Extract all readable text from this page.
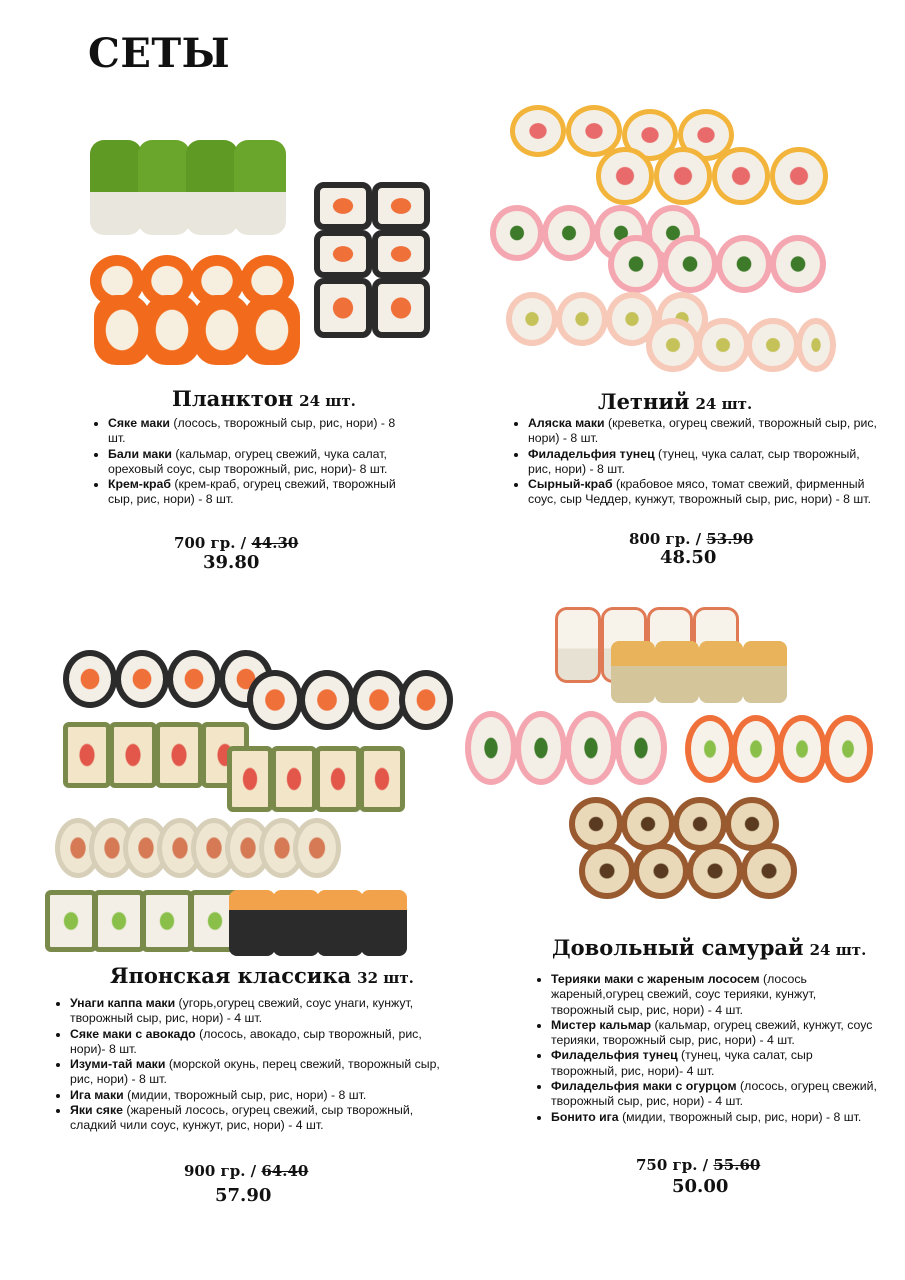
СЕТЫ
Планктон 24 шт.
• Сяке маки (лосось, творожный сыр, рис, нори) - 8 шт.
• Бали маки (кальмар, огурец свежий, чука салат, ореховый соус, сыр творожный, рис, нори)- 8 шт.
• Крем-краб (крем-краб, огурец свежий, творожный сыр, рис, нори) - 8 шт.
700 гр. / 44.30
39.80
Летний 24 шт.
• Аляска маки (креветка, огурец свежий, творожный сыр, рис, нори) - 8 шт.
• Филадельфия тунец (тунец, чука салат, сыр творожный, рис, нори) - 8 шт.
• Сырный-краб (крабовое мясо, томат свежий, фирменный соус, сыр Чеддер, кунжут, творожный сыр, рис, нори) - 8 шт.
800 гр. / 53.90
48.50
Японская классика 32 шт.
• Унаги каппа маки (угорь,огурец свежий, соус унаги, кунжут, творожный сыр, рис, нори) - 4 шт.
• Сяке маки с авокадо (лосось, авокадо, сыр творожный, рис, нори)- 8 шт.
• Изуми-тай маки (морской окунь, перец свежий, творожный сыр, рис, нори) - 8 шт.
• Ига маки (мидии, творожный сыр, рис, нори) - 8 шт.
• Яки сяке (жареный лосось, огурец свежий, сыр творожный, сладкий чили соус, кунжут, рис, нори) - 4 шт.
900 гр. / 64.40
57.90
Довольный самурай 24 шт.
• Терияки маки с жареным лососем (лосось жареный,огурец свежий, соус терияки, кунжут, творожный сыр, рис, нори) - 4 шт.
• Мистер кальмар (кальмар, огурец свежий, кунжут, соус терияки, творожный сыр, рис, нори) - 4 шт.
• Филадельфия тунец (тунец, чука салат, сыр творожный, рис, нори)- 4 шт.
• Филадельфия маки с огурцом (лосось, огурец свежий, творожный сыр, рис, нори) - 4 шт.
• Бонито ига (мидии, творожный сыр, рис, нори) - 8 шт.
750 гр. / 55.60
50.00
